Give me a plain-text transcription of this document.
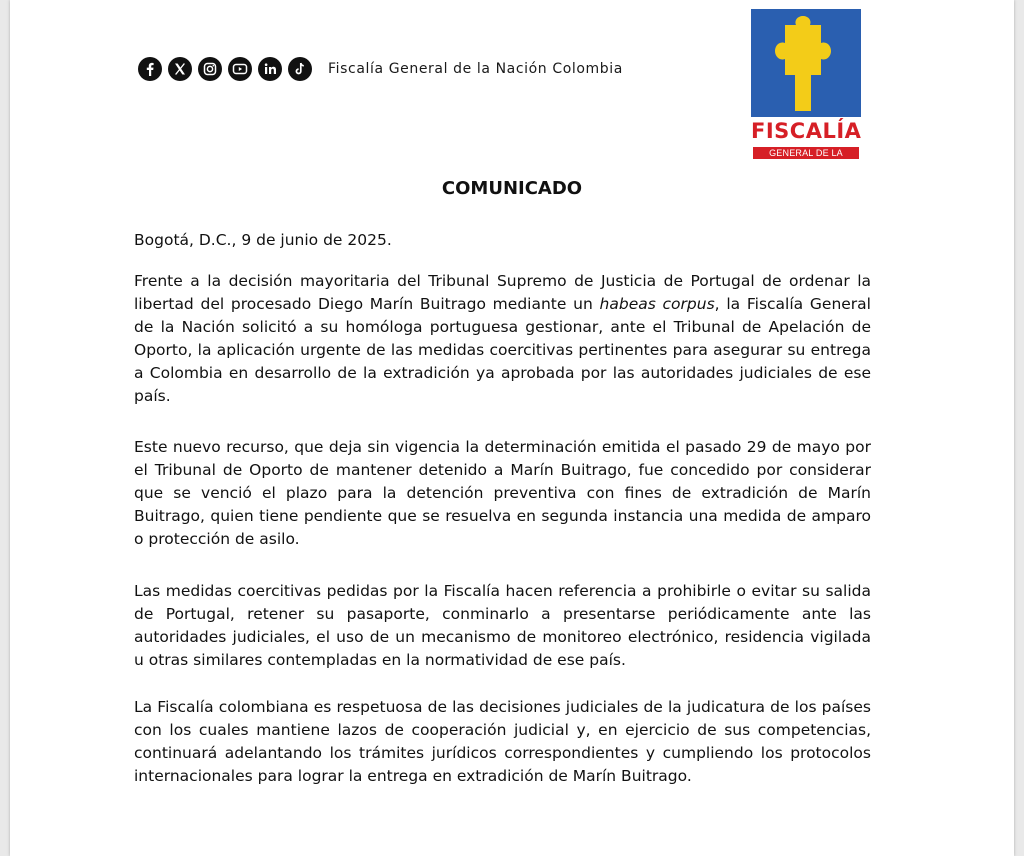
Fiscalía General de la Nación Colombia
FISCALÍA
GENERAL DE LA NACIÓN
COMUNICADO

Bogotá, D.C., 9 de junio de 2025.

Frente a la decisión mayoritaria del Tribunal Supremo de Justicia de Portugal de ordenar la libertad del procesado Diego Marín Buitrago mediante un habeas corpus, la Fiscalía General de la Nación solicitó a su homóloga portuguesa gestionar, ante el Tribunal de Apelación de Oporto, la aplicación urgente de las medidas coercitivas pertinentes para asegurar su entrega a Colombia en desarrollo de la extradición ya aprobada por las autoridades judiciales de ese país.

Este nuevo recurso, que deja sin vigencia la determinación emitida el pasado 29 de mayo por el Tribunal de Oporto de mantener detenido a Marín Buitrago, fue concedido por considerar que se venció el plazo para la detención preventiva con fines de extradición de Marín Buitrago, quien tiene pendiente que se resuelva en segunda instancia una medida de amparo o protección de asilo.

Las medidas coercitivas pedidas por la Fiscalía hacen referencia a prohibirle o evitar su salida de Portugal, retener su pasaporte, conminarlo a presentarse periódicamente ante las autoridades judiciales, el uso de un mecanismo de monitoreo electrónico, residencia vigilada u otras similares contempladas en la normatividad de ese país.

La Fiscalía colombiana es respetuosa de las decisiones judiciales de la judicatura de los países con los cuales mantiene lazos de cooperación judicial y, en ejercicio de sus competencias, continuará adelantando los trámites jurídicos correspondientes y cumpliendo los protocolos internacionales para lograr la entrega en extradición de Marín Buitrago.
